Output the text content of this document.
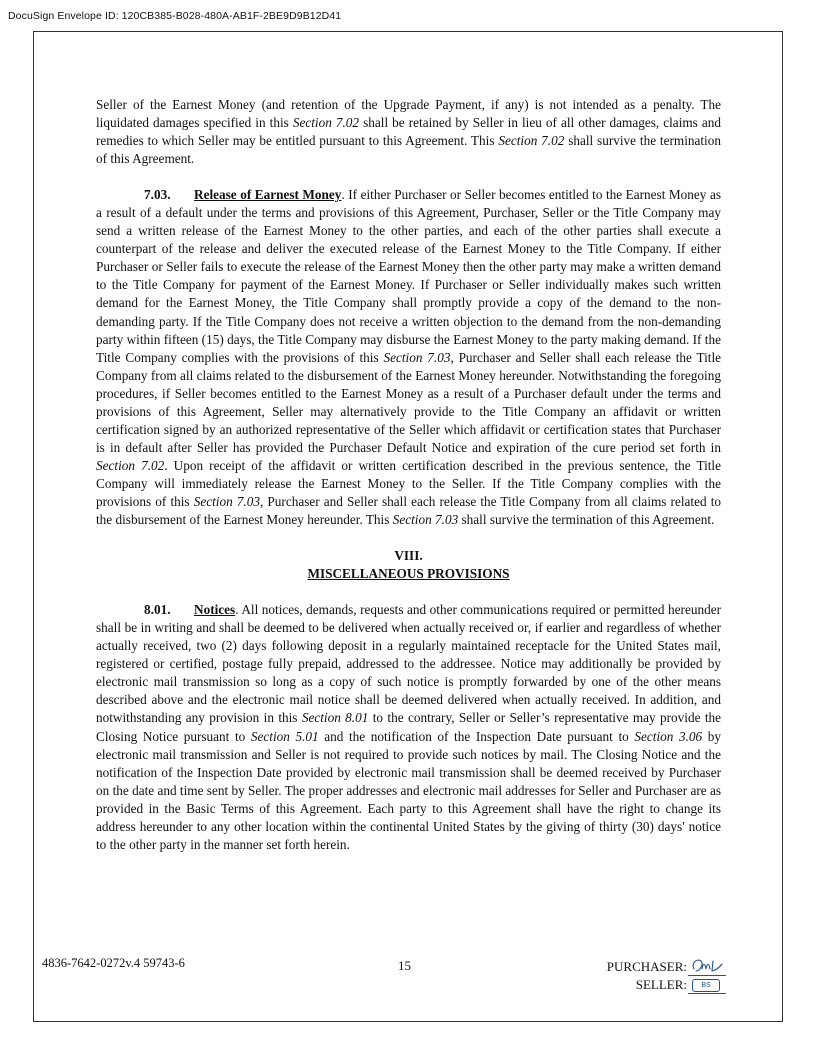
DocuSign Envelope ID: 120CB385-B028-480A-AB1F-2BE9D9B12D41

Seller of the Earnest Money (and retention of the Upgrade Payment, if any) is not intended as a penalty. The liquidated damages specified in this Section 7.02 shall be retained by Seller in lieu of all other damages, claims and remedies to which Seller may be entitled pursuant to this Agreement. This Section 7.02 shall survive the termination of this Agreement.

7.03. Release of Earnest Money. If either Purchaser or Seller becomes entitled to the Earnest Money as a result of a default under the terms and provisions of this Agreement, Purchaser, Seller or the Title Company may send a written release of the Earnest Money to the other parties, and each of the other parties shall execute a counterpart of the release and deliver the executed release of the Earnest Money to the Title Company. If either Purchaser or Seller fails to execute the release of the Earnest Money then the other party may make a written demand to the Title Company for payment of the Earnest Money. If Purchaser or Seller individually makes such written demand for the Earnest Money, the Title Company shall promptly provide a copy of the demand to the non-demanding party. If the Title Company does not receive a written objection to the demand from the non-demanding party within fifteen (15) days, the Title Company may disburse the Earnest Money to the party making demand. If the Title Company complies with the provisions of this Section 7.03, Purchaser and Seller shall each release the Title Company from all claims related to the disbursement of the Earnest Money hereunder. Notwithstanding the foregoing procedures, if Seller becomes entitled to the Earnest Money as a result of a Purchaser default under the terms and provisions of this Agreement, Seller may alternatively provide to the Title Company an affidavit or written certification signed by an authorized representative of the Seller which affidavit or certification states that Purchaser is in default after Seller has provided the Purchaser Default Notice and expiration of the cure period set forth in Section 7.02. Upon receipt of the affidavit or written certification described in the previous sentence, the Title Company will immediately release the Earnest Money to the Seller. If the Title Company complies with the provisions of this Section 7.03, Purchaser and Seller shall each release the Title Company from all claims related to the disbursement of the Earnest Money hereunder. This Section 7.03 shall survive the termination of this Agreement.

VIII.
MISCELLANEOUS PROVISIONS

8.01. Notices. All notices, demands, requests and other communications required or permitted hereunder shall be in writing and shall be deemed to be delivered when actually received or, if earlier and regardless of whether actually received, two (2) days following deposit in a regularly maintained receptacle for the United States mail, registered or certified, postage fully prepaid, addressed to the addressee. Notice may additionally be provided by electronic mail transmission so long as a copy of such notice is promptly forwarded by one of the other means described above and the electronic mail notice shall be deemed delivered when actually received. In addition, and notwithstanding any provision in this Section 8.01 to the contrary, Seller or Seller’s representative may provide the Closing Notice pursuant to Section 5.01 and the notification of the Inspection Date pursuant to Section 3.06 by electronic mail transmission and Seller is not required to provide such notices by mail. The Closing Notice and the notification of the Inspection Date provided by electronic mail transmission shall be deemed received by Purchaser on the date and time sent by Seller. The proper addresses and electronic mail addresses for Seller and Purchaser are as provided in the Basic Terms of this Agreement. Each party to this Agreement shall have the right to change its address hereunder to any other location within the continental United States by the giving of thirty (30) days' notice to the other party in the manner set forth herein.

4836-7642-0272v.4 59743-6	15	PURCHASER:
SELLER:	BS
